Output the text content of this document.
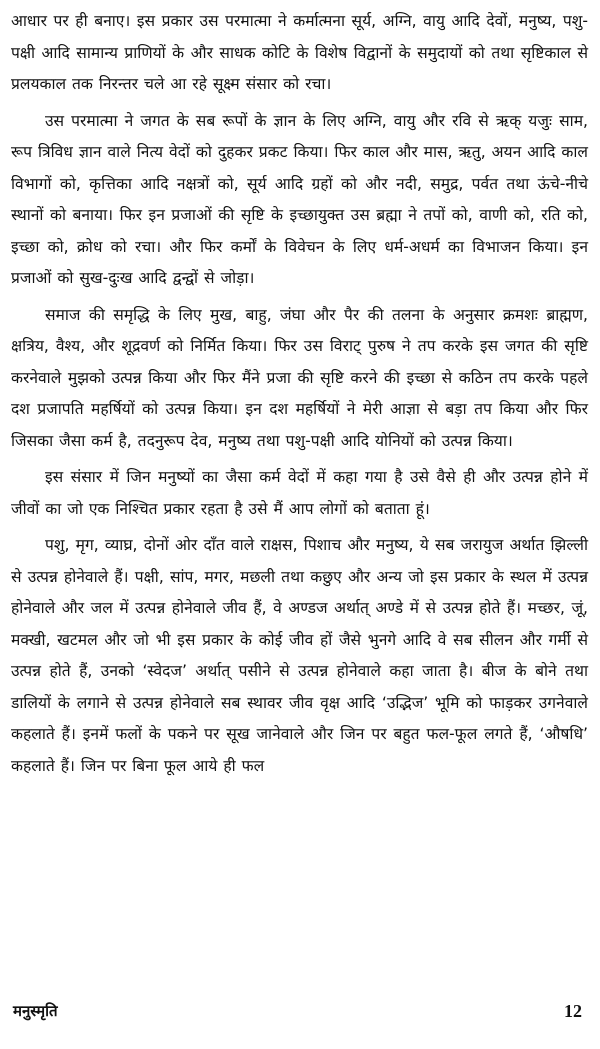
आधार पर ही बनाए। इस प्रकार उस परमात्मा ने कर्मात्मना सूर्य, अग्नि, वायु आदि देवों, मनुष्य, पशु-पक्षी आदि सामान्य प्राणियों के और साधक कोटि के विशेष विद्वानों के समुदायों को तथा सृष्टिकाल से प्रलयकाल तक निरन्तर चले आ रहे सूक्ष्म संसार को रचा।

उस परमात्मा ने जगत के सब रूपों के ज्ञान के लिए अग्नि, वायु और रवि से ऋक् यजुः साम, रूप त्रिविध ज्ञान वाले नित्य वेदों को दुहकर प्रकट किया। फिर काल और मास, ऋतु, अयन आदि काल विभागों को, कृत्तिका आदि नक्षत्रों को, सूर्य आदि ग्रहों को और नदी, समुद्र, पर्वत तथा ऊंचे-नीचे स्थानों को बनाया। फिर इन प्रजाओं की सृष्टि के इच्छायुक्त उस ब्रह्मा ने तपों को, वाणी को, रति को, इच्छा को, क्रोध को रचा। और फिर कर्मों के विवेचन के लिए धर्म-अधर्म का विभाजन किया। इन प्रजाओं को सुख-दुःख आदि द्वन्द्वों से जोड़ा।

समाज की समृद्धि के लिए मुख, बाहु, जंघा और पैर की तलना के अनुसार क्रमशः ब्राह्मण, क्षत्रिय, वैश्य, और शूद्रवर्ण को निर्मित किया। फिर उस विराट् पुरुष ने तप करके इस जगत की सृष्टि करनेवाले मुझको उत्पन्न किया और फिर मैंने प्रजा की सृष्टि करने की इच्छा से कठिन तप करके पहले दश प्रजापति महर्षियों को उत्पन्न किया। इन दश महर्षियों ने मेरी आज्ञा से बड़ा तप किया और फिर जिसका जैसा कर्म है, तदनुरूप देव, मनुष्य तथा पशु-पक्षी आदि योनियों को उत्पन्न किया।

इस संसार में जिन मनुष्यों का जैसा कर्म वेदों में कहा गया है उसे वैसे ही और उत्पन्न होने में जीवों का जो एक निश्चित प्रकार रहता है उसे मैं आप लोगों को बताता हूं।

पशु, मृग, व्याघ्र, दोनों ओर दाँत वाले राक्षस, पिशाच और मनुष्य, ये सब जरायुज अर्थात झिल्ली से उत्पन्न होनेवाले हैं। पक्षी, सांप, मगर, मछली तथा कछुए और अन्य जो इस प्रकार के स्थल में उत्पन्न होनेवाले और जल में उत्पन्न होनेवाले जीव हैं, वे अण्डज अर्थात् अण्डे में से उत्पन्न होते हैं। मच्छर, जूं, मक्खी, खटमल और जो भी इस प्रकार के कोई जीव हों जैसे भुनगे आदि वे सब सीलन और गर्मी से उत्पन्न होते हैं, उनको ‘स्वेदज’ अर्थात् पसीने से उत्पन्न होनेवाले कहा जाता है। बीज के बोने तथा डालियों के लगाने से उत्पन्न होनेवाले सब स्थावर जीव वृक्ष आदि ‘उद्भिज’ भूमि को फाड़कर उगनेवाले कहलाते हैं। इनमें फलों के पकने पर सूख जानेवाले और जिन पर बहुत फल-फूल लगते हैं, ‘औषधि’ कहलाते हैं। जिन पर बिना फूल आये ही फल

मनुस्मृति	12
